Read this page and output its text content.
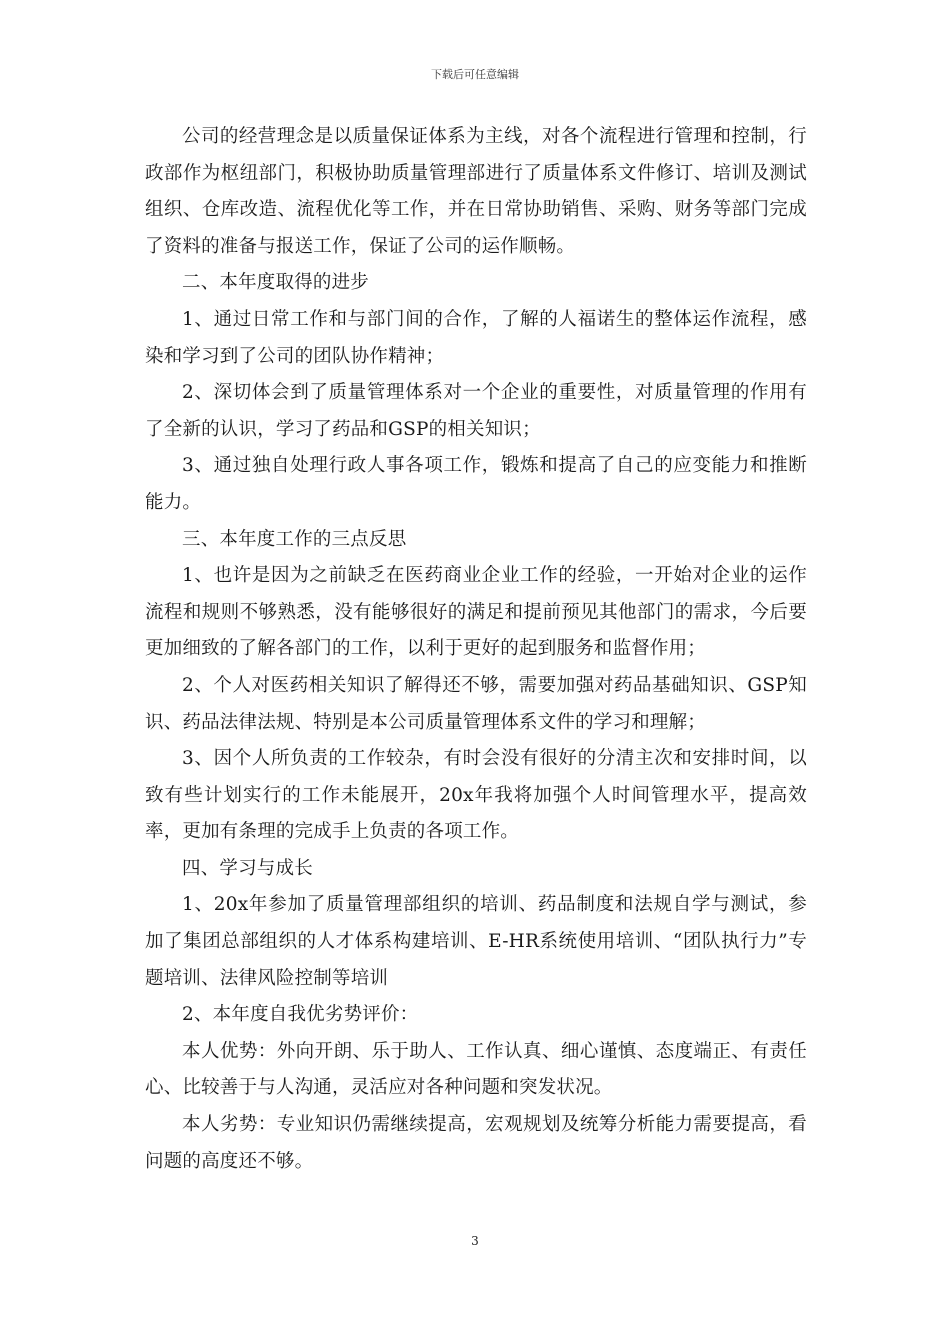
下载后可任意编辑

公司的经营理念是以质量保证体系为主线，对各个流程进行管理和控制，行政部作为枢纽部门，积极协助质量管理部进行了质量体系文件修订、培训及测试组织、仓库改造、流程优化等工作，并在日常协助销售、采购、财务等部门完成了资料的准备与报送工作，保证了公司的运作顺畅。

二、本年度取得的进步

1、通过日常工作和与部门间的合作，了解的人福诺生的整体运作流程，感染和学习到了公司的团队协作精神；

2、深切体会到了质量管理体系对一个企业的重要性，对质量管理的作用有了全新的认识，学习了药品和GSP的相关知识；

3、通过独自处理行政人事各项工作，锻炼和提高了自己的应变能力和推断能力。

三、本年度工作的三点反思

1、也许是因为之前缺乏在医药商业企业工作的经验，一开始对企业的运作流程和规则不够熟悉，没有能够很好的满足和提前预见其他部门的需求，今后要更加细致的了解各部门的工作，以利于更好的起到服务和监督作用；

2、个人对医药相关知识了解得还不够，需要加强对药品基础知识、GSP知识、药品法律法规、特别是本公司质量管理体系文件的学习和理解；

3、因个人所负责的工作较杂，有时会没有很好的分清主次和安排时间，以致有些计划实行的工作未能展开，20x年我将加强个人时间管理水平，提高效率，更加有条理的完成手上负责的各项工作。

四、学习与成长

1、20x年参加了质量管理部组织的培训、药品制度和法规自学与测试，参加了集团总部组织的人才体系构建培训、E-HR系统使用培训、“团队执行力”专题培训、法律风险控制等培训

2、本年度自我优劣势评价：

本人优势：外向开朗、乐于助人、工作认真、细心谨慎、态度端正、有责任心、比较善于与人沟通，灵活应对各种问题和突发状况。

本人劣势：专业知识仍需继续提高，宏观规划及统筹分析能力需要提高，看问题的高度还不够。

3
